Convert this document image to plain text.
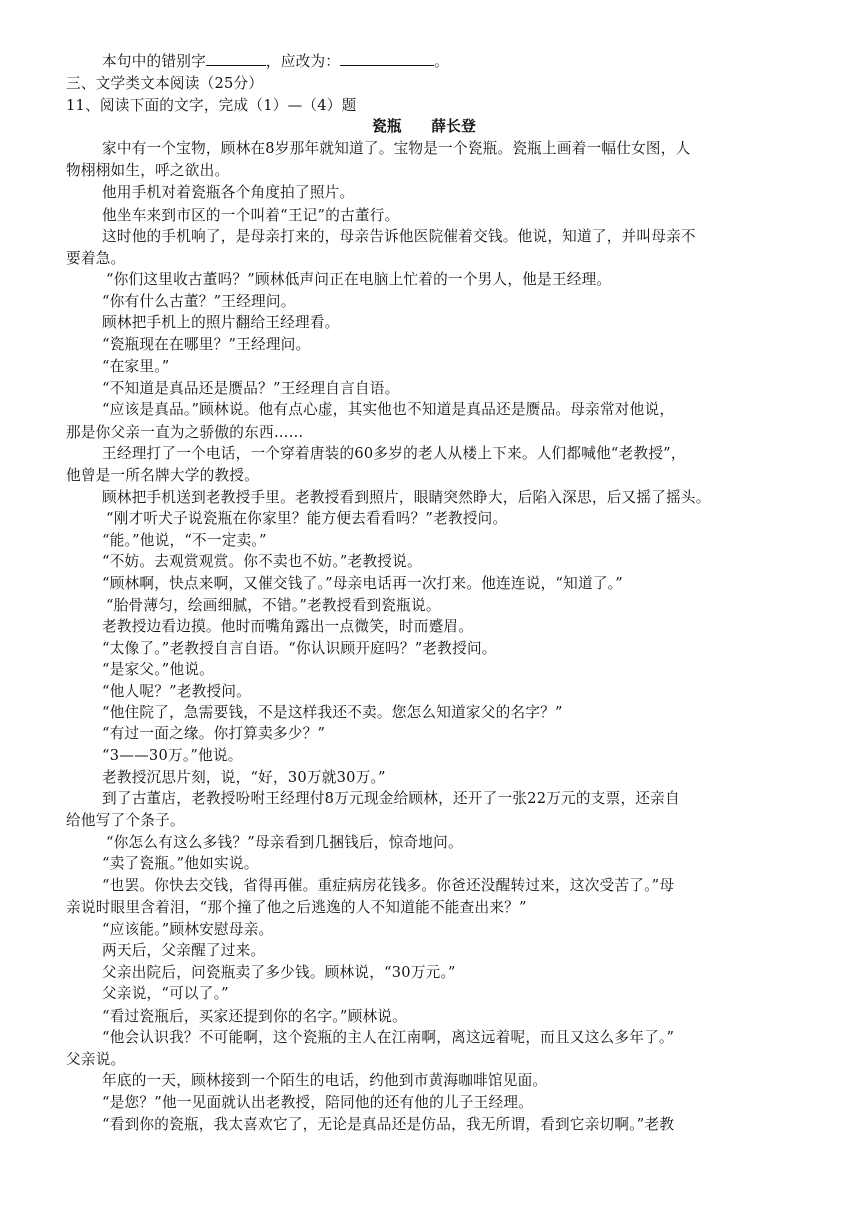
本句中的错别字	，应改为：	。
三、文学类文本阅读（25分）
11、阅读下面的文字，完成（1）—（4）题
瓷瓶　　薛长登
家中有一个宝物，顾林在8岁那年就知道了。宝物是一个瓷瓶。瓷瓶上画着一幅仕女图，人
物栩栩如生，呼之欲出。
他用手机对着瓷瓶各个角度拍了照片。
他坐车来到市区的一个叫着“王记”的古董行。
这时他的手机响了，是母亲打来的，母亲告诉他医院催着交钱。他说，知道了，并叫母亲不
要着急。
“你们这里收古董吗？”顾林低声问正在电脑上忙着的一个男人，他是王经理。
“你有什么古董？”王经理问。
顾林把手机上的照片翻给王经理看。
“瓷瓶现在在哪里？”王经理问。
“在家里。”
“不知道是真品还是赝品？”王经理自言自语。
“应该是真品。”顾林说。他有点心虚，其实他也不知道是真品还是赝品。母亲常对他说，
那是你父亲一直为之骄傲的东西……
王经理打了一个电话，一个穿着唐装的60多岁的老人从楼上下来。人们都喊他“老教授”，
他曾是一所名牌大学的教授。
顾林把手机送到老教授手里。老教授看到照片，眼睛突然睁大，后陷入深思，后又摇了摇头。
“刚才听犬子说瓷瓶在你家里？能方便去看看吗？”老教授问。
“能。”他说，“不一定卖。”
“不妨。去观赏观赏。你不卖也不妨。”老教授说。
“顾林啊，快点来啊，又催交钱了。”母亲电话再一次打来。他连连说，“知道了。”
“胎骨薄匀，绘画细腻，不错。”老教授看到瓷瓶说。
老教授边看边摸。他时而嘴角露出一点微笑，时而蹙眉。
“太像了。”老教授自言自语。“你认识顾开庭吗？”老教授问。
“是家父。”他说。
“他人呢？”老教授问。
“他住院了，急需要钱，不是这样我还不卖。您怎么知道家父的名字？”
“有过一面之缘。你打算卖多少？”
“3——30万。”他说。
老教授沉思片刻，说，“好，30万就30万。”
到了古董店，老教授吩咐王经理付8万元现金给顾林，还开了一张22万元的支票，还亲自
给他写了个条子。
“你怎么有这么多钱？”母亲看到几捆钱后，惊奇地问。
“卖了瓷瓶。”他如实说。
“也罢。你快去交钱，省得再催。重症病房花钱多。你爸还没醒转过来，这次受苦了。”母
亲说时眼里含着泪，“那个撞了他之后逃逸的人不知道能不能查出来？”
“应该能。”顾林安慰母亲。
两天后，父亲醒了过来。
父亲出院后，问瓷瓶卖了多少钱。顾林说，“30万元。”
父亲说，“可以了。”
“看过瓷瓶后，买家还提到你的名字。”顾林说。
“他会认识我？不可能啊，这个瓷瓶的主人在江南啊，离这远着呢，而且又这么多年了。”
父亲说。
年底的一天，顾林接到一个陌生的电话，约他到市黄海咖啡馆见面。
“是您？”他一见面就认出老教授，陪同他的还有他的儿子王经理。
“看到你的瓷瓶，我太喜欢它了，无论是真品还是仿品，我无所谓，看到它亲切啊。”老教
